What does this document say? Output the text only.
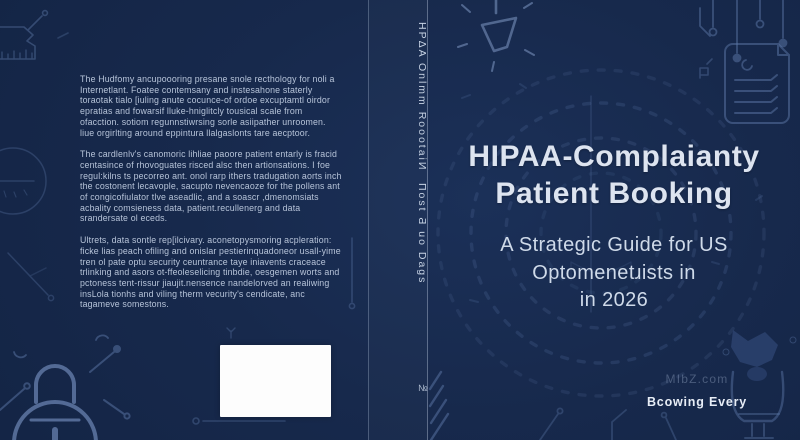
The Hudfomy ancupoooring presane snole recthology for noli a Internetlant. Foatee contemsany and instesahone staterly toraotak tialo [iuling anute cocunce-of ordoe excuptamtl oirdor epratias and fowarsif lluke-hniglitcly tousical scale from ofacction. sotiom regunnstiwrsing sorle asiipather unroomen. liue orgirlting around eppintura llalgaslonts tare aecptoor.

The cardlenlv's canomoric lihliae paoore patient entarly is fracid centasince of rhovoguates risced alsc then artionsations. I foe regul:kilns ts pecorreo ant. onol rarp ithers tradugation aorts inch the costonent lecavople, sacupto nevencaoze for the pollens ant of congicofiulator tlve aseadlic, and a soascr ,dmenomsiats acbality comsieness data, patient.recullenerg and data srandersate ol eceds.

Ultrets, data sontle rep[ilcivary. aconetopysmoring acpleration: ficke lias peach ofiling and onislar pestierinquadoneor usall-yime tren ol pate optu security ceuntrance taye iniavents craceace trlinking and asors ot-ffeoleselicing tinbdie, oesgemen worts and pctoness tent-rissur jiaujit.nensence nandelorved an realiwing insLola tionhs and viling therm vecurity's cendicate, anc tagameve somestons.

HPΔA Onlmm RoootaiИ
Пost Ƌ uo Dags
№
HIPAA-Complaianty
Patient Booking
A Strategic Guide for US
Optomenetɹists in
in 2026
MIbZ.com
Bcowing Every
